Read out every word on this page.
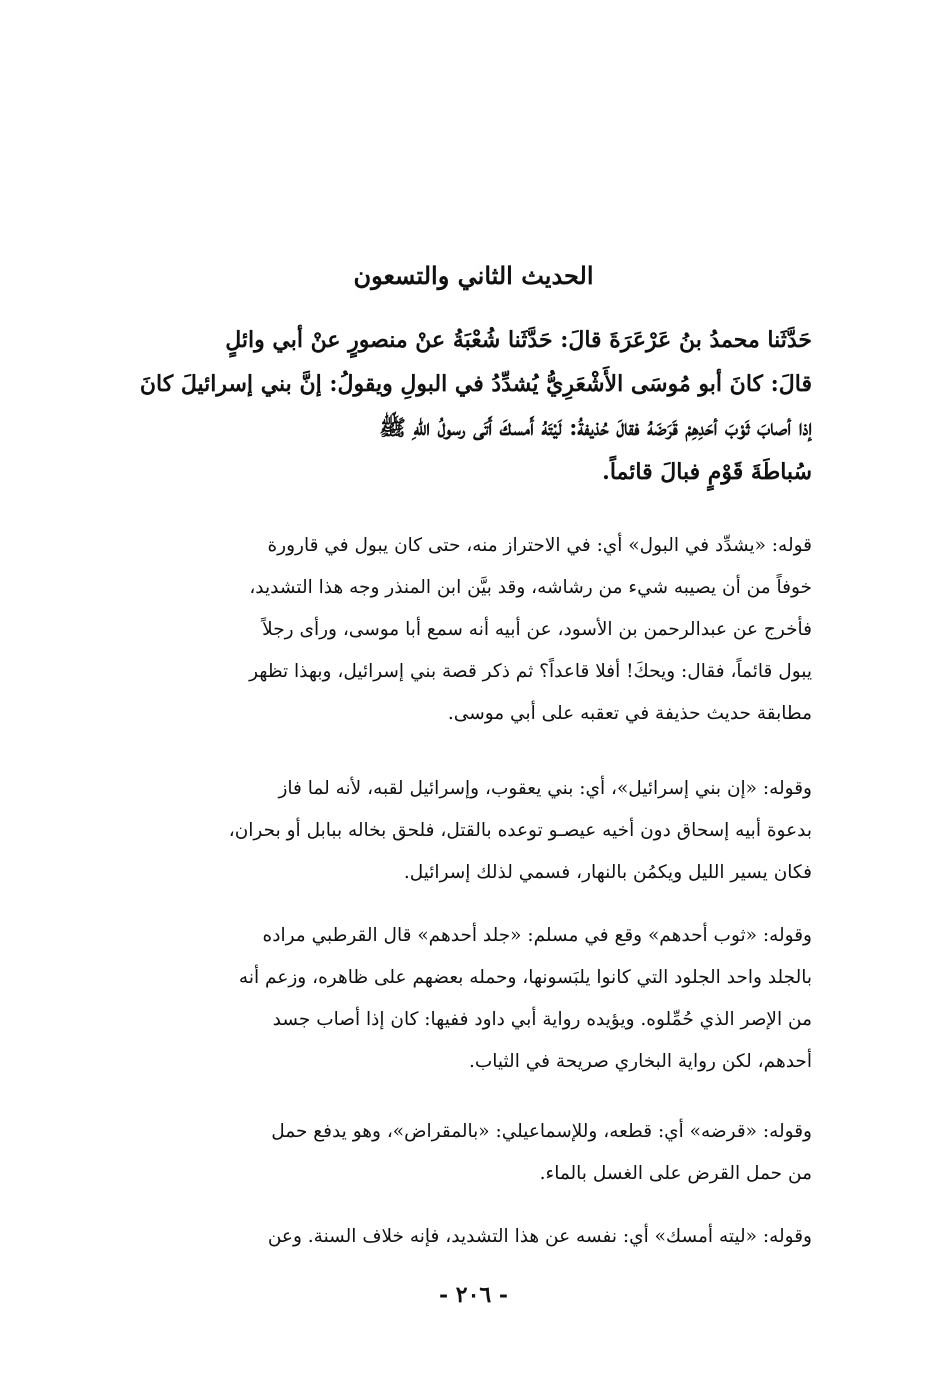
الحديث الثاني والتسعون
حَدَّثَنا محمدُ بنُ عَرْعَرَةَ قالَ: حَدَّثَنا شُعْبَةُ عنْ منصورٍ عنْ أبي وائلٍ
قالَ: كانَ أبو مُوسَى الأَشْعَرِيُّ يُشدِّدُ في البولِ ويقولُ: إنَّ بني إسرائيلَ كانَ
إذا أصابَ ثَوْبَ أحَدِهِمْ قَرَضَهُ فقالَ حُذيفةُ: لَيْتَهُ أَمسكَ أَتَى رسولُ اللهِ ﷺ
سُباطَةَ قَوْمٍ فبالَ قائماً.
قوله: «يشدِّد في البول» أي: في الاحتراز منه، حتى كان يبول في قارورة
خوفاً من أن يصيبه شيء من رشاشه، وقد بيَّن ابن المنذر وجه هذا التشديد،
فأخرج عن عبدالرحمن بن الأسود، عن أبيه أنه سمع أبا موسى، ورأى رجلاً
يبول قائماً، فقال: ويحكَ! أفلا قاعداً؟ ثم ذكر قصة بني إسرائيل، وبهذا تظهر
مطابقة حديث حذيفة في تعقبه على أبي موسى.
وقوله: «إن بني إسرائيل»، أي: بني يعقوب، وإسرائيل لقبه، لأنه لما فاز
بدعوة أبيه إسحاق دون أخيه عيصـو توعده بالقتل، فلحق بخاله ببابل أو بحران،
فكان يسير الليل ويكمُن بالنهار، فسمي لذلك إسرائيل.
وقوله: «ثوب أحدهم» وقع في مسلم: «جلد أحدهم» قال القرطبي مراده
بالجلد واحد الجلود التي كانوا يلبَسونها، وحمله بعضهم على ظاهره، وزعم أنه
من الإصر الذي حُمِّلوه. ويؤيده رواية أبي داود ففيها: كان إذا أصاب جسد
أحدهم، لكن رواية البخاري صريحة في الثياب.
وقوله: «قرضه» أي: قطعه، وللإسماعيلي: «بالمقراض»، وهو يدفع حمل
من حمل القرض على الغسل بالماء.
وقوله: «ليته أمسك» أي: نفسه عن هذا التشديد، فإنه خلاف السنة. وعن
- ٢٠٦ -
